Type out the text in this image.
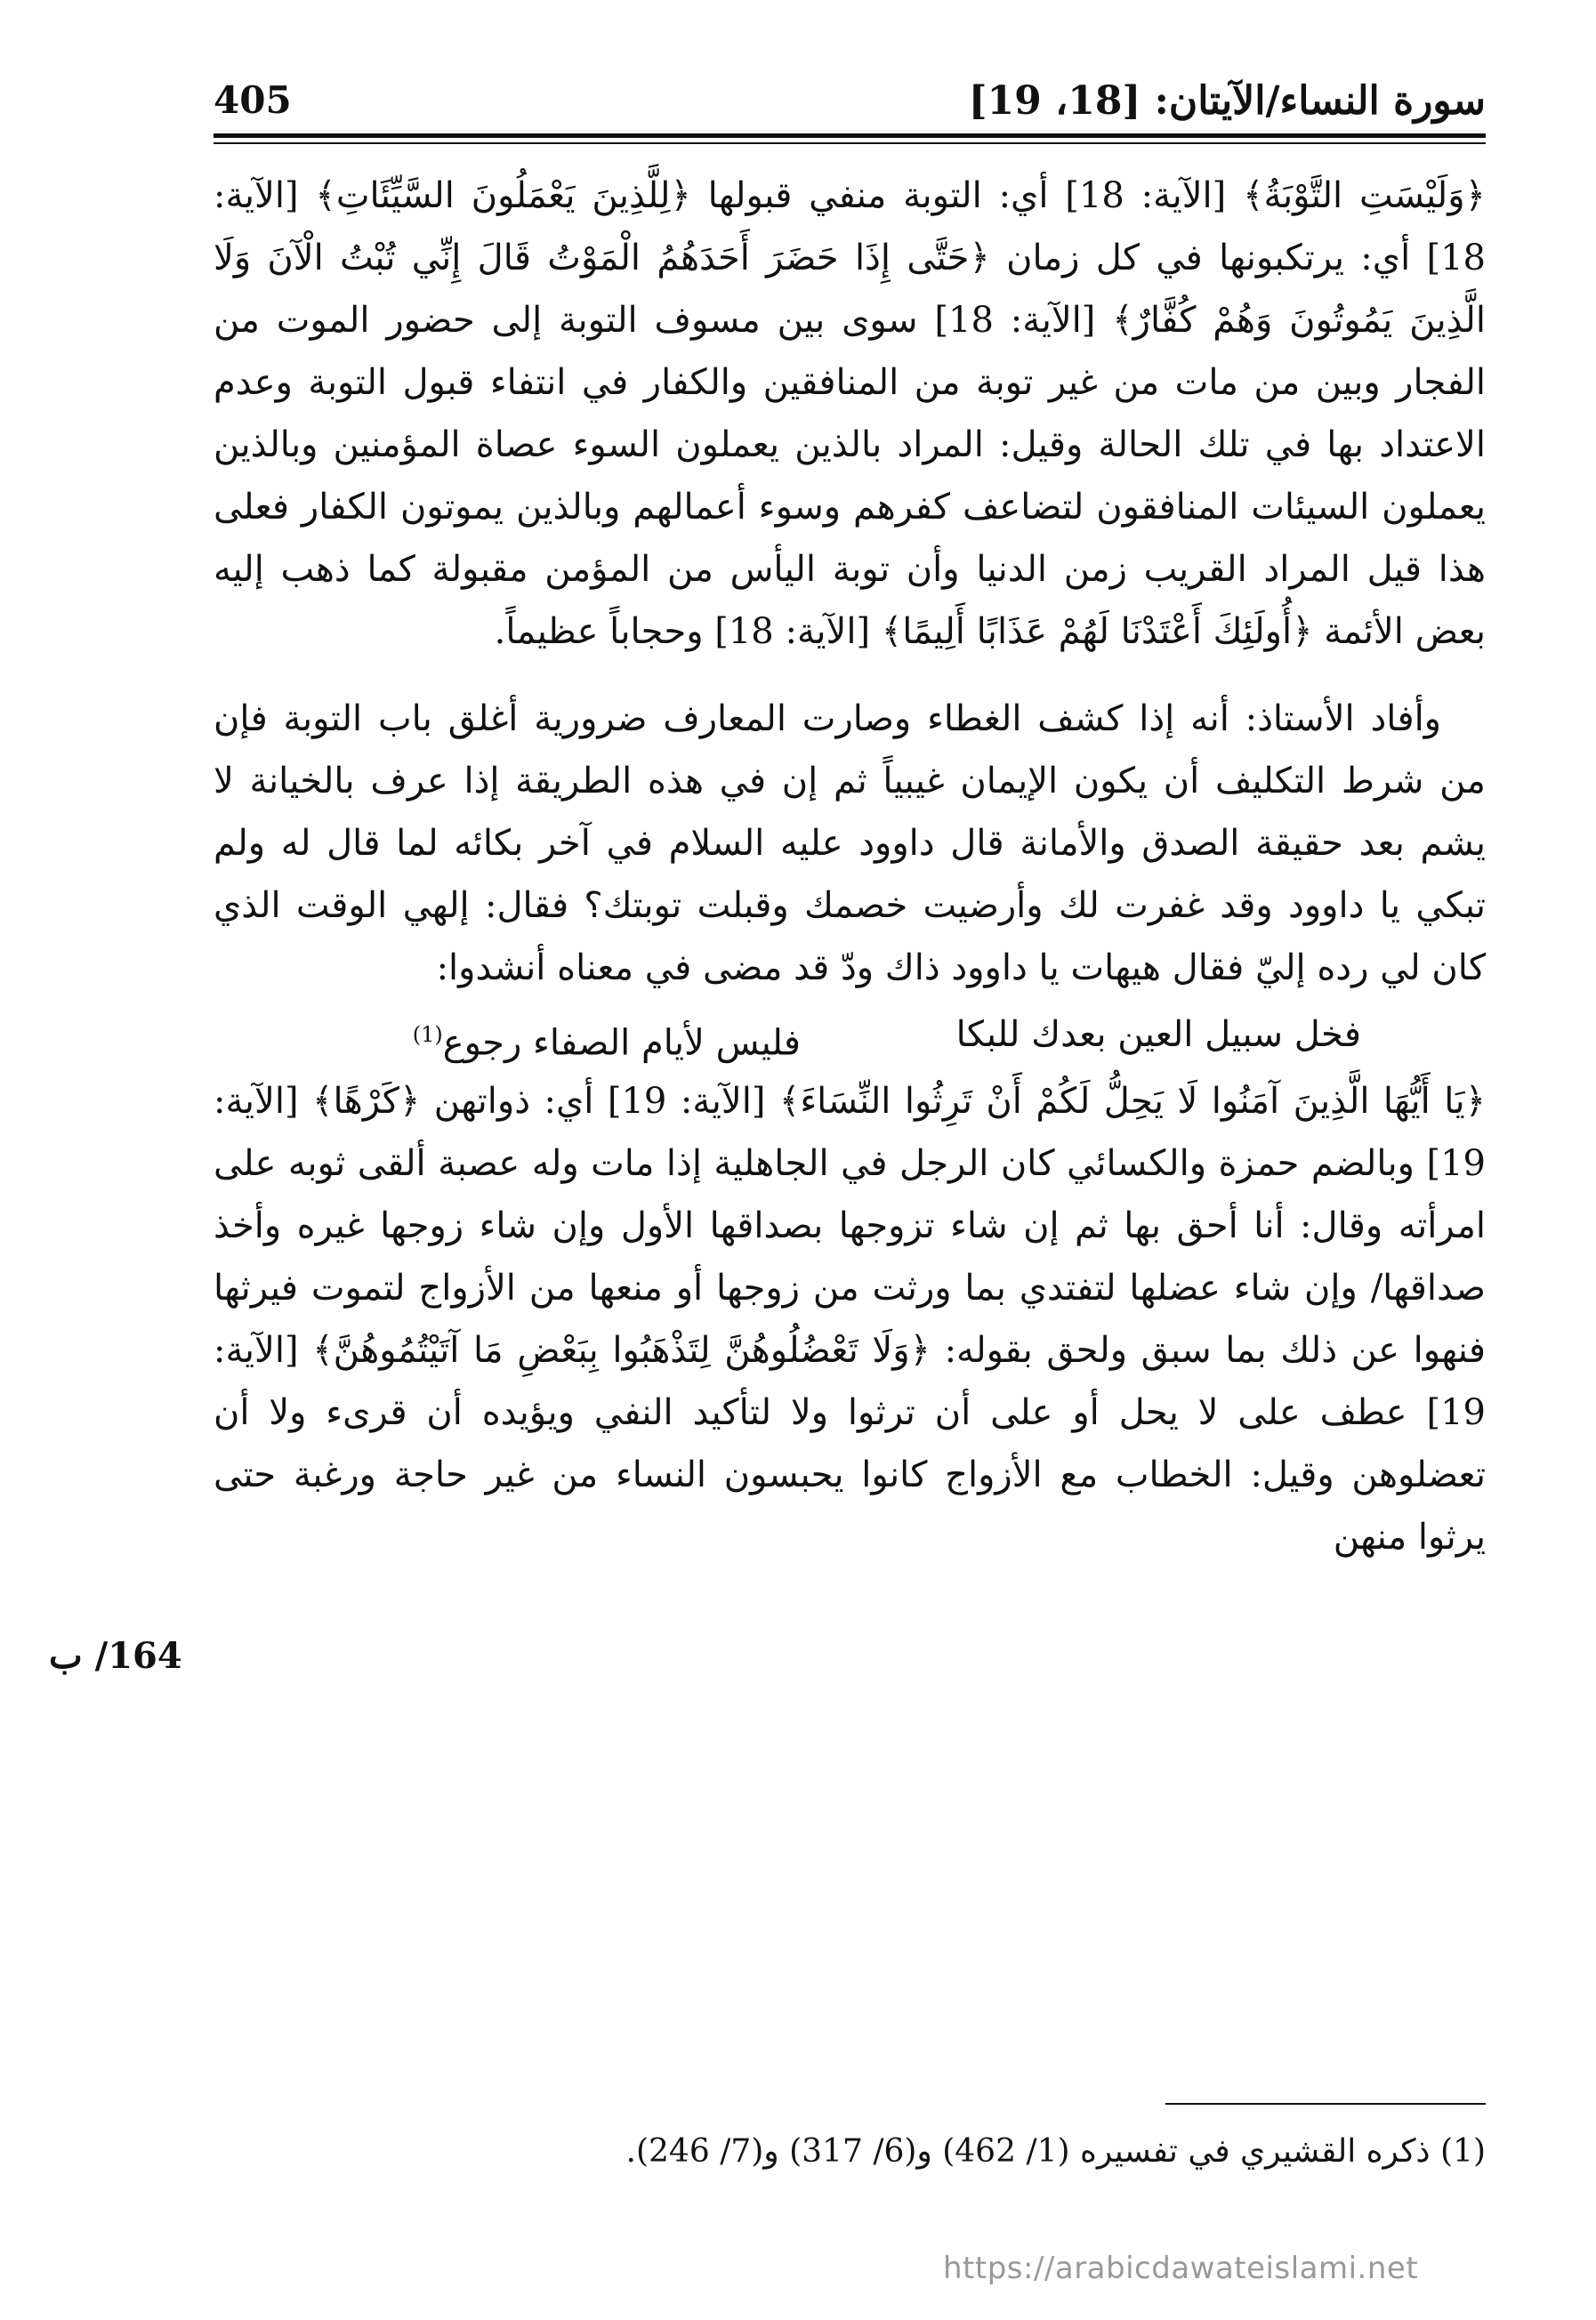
سورة النساء/الآيتان: [18، 19]
405

﴿وَلَيْسَتِ التَّوْبَةُ﴾ [الآية: 18] أي: التوبة منفي قبولها ﴿لِلَّذِينَ يَعْمَلُونَ السَّيِّئَاتِ﴾ [الآية: 18] أي: يرتكبونها في كل زمان ﴿حَتَّى إِذَا حَضَرَ أَحَدَهُمُ الْمَوْتُ قَالَ إِنِّي تُبْتُ الْآنَ وَلَا الَّذِينَ يَمُوتُونَ وَهُمْ كُفَّارٌ﴾ [الآية: 18] سوى بين مسوف التوبة إلى حضور الموت من الفجار وبين من مات من غير توبة من المنافقين والكفار في انتفاء قبول التوبة وعدم الاعتداد بها في تلك الحالة وقيل: المراد بالذين يعملون السوء عصاة المؤمنين وبالذين يعملون السيئات المنافقون لتضاعف كفرهم وسوء أعمالهم وبالذين يموتون الكفار فعلى هذا قيل المراد القريب زمن الدنيا وأن توبة اليأس من المؤمن مقبولة كما ذهب إليه بعض الأئمة ﴿أُولَئِكَ أَعْتَدْنَا لَهُمْ عَذَابًا أَلِيمًا﴾ [الآية: 18] وحجاباً عظيماً.

وأفاد الأستاذ: أنه إذا كشف الغطاء وصارت المعارف ضرورية أغلق باب التوبة فإن من شرط التكليف أن يكون الإيمان غيبياً ثم إن في هذه الطريقة إذا عرف بالخيانة لا يشم بعد حقيقة الصدق والأمانة قال داوود عليه السلام في آخر بكائه لما قال له ولم تبكي يا داوود وقد غفرت لك وأرضيت خصمك وقبلت توبتك؟ فقال: إلهي الوقت الذي كان لي رده إليّ فقال هيهات يا داوود ذاك ودّ قد مضى في معناه أنشدوا:

فخل سبيل العين بعدك للبكا
فليس لأيام الصفاء رجوع$^{(1)}$

﴿يَا أَيُّهَا الَّذِينَ آمَنُوا لَا يَحِلُّ لَكُمْ أَنْ تَرِثُوا النِّسَاءَ﴾ [الآية: 19] أي: ذواتهن ﴿كَرْهًا﴾ [الآية: 19] وبالضم حمزة والكسائي كان الرجل في الجاهلية إذا مات وله عصبة ألقى ثوبه على امرأته وقال: أنا أحق بها ثم إن شاء تزوجها بصداقها الأول وإن شاء زوجها غيره وأخذ صداقها/ وإن شاء عضلها لتفتدي بما ورثت من زوجها أو منعها من الأزواج لتموت فيرثها فنهوا عن ذلك بما سبق ولحق بقوله: ﴿وَلَا تَعْضُلُوهُنَّ لِتَذْهَبُوا بِبَعْضِ مَا آتَيْتُمُوهُنَّ﴾ [الآية: 19] عطف على لا يحل أو على أن ترثوا ولا لتأكيد النفي ويؤيده أن قرىء ولا أن تعضلوهن وقيل: الخطاب مع الأزواج كانوا يحبسون النساء من غير حاجة ورغبة حتى يرثوا منهن

164/ ب
(1) ذكره القشيري في تفسيره (1/ 462) و(6/ 317) و(7/ 246).
https://arabicdawateislami.net
